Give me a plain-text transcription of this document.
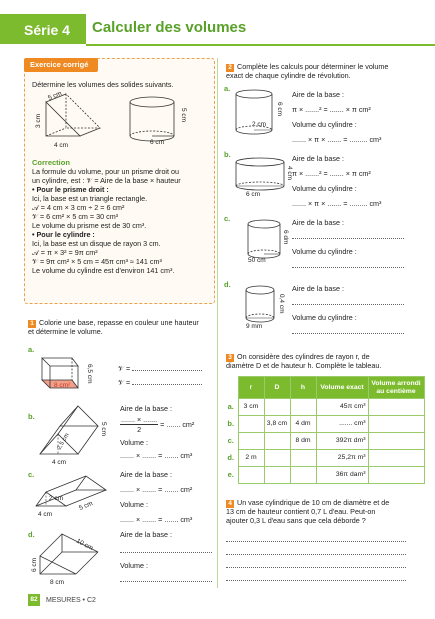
Série 4	Calculer des volumes
Exercice corrigé
Détermine les volumes des solides suivants.
5 cm
3 cm
4 cm
5 cm
6 cm
Correction
La formule du volume, pour un prisme droit ou
un cylindre, est : 𝒱 = Aire de la base × hauteur
• Pour le prisme droit :
Ici, la base est un triangle rectangle.
𝒜 = 4 cm × 3 cm ÷ 2 = 6 cm²
𝒱 = 6 cm² × 5 cm = 30 cm³
Le volume du prisme est de 30 cm³.
• Pour le cylindre :
Ici, la base est un disque de rayon 3 cm.
𝒜 = π × 3² = 9π cm²
𝒱 = 9π cm² × 5 cm = 45π cm³ ≈ 141 cm³
Le volume du cylindre est d'environ 141 cm³.
1 Colorie une base, repasse en couleur une hauteur
et détermine le volume.
a.
6,5 cm
8 cm²
𝒱 =
𝒱 =
b.
5 cm
4 cm
2,5 cm
Aire de la base :
....... × .......
2
= ....... cm²
Volume :
....... × ....... = ....... cm³
c.
2 cm
4 cm
5 cm
Aire de la base :
....... × ....... = ....... cm²
Volume :
....... × ....... = ....... cm³
d.
10 cm
6 cm
8 cm
Aire de la base :
Volume :
2 Complète les calculs pour déterminer le volume
exact de chaque cylindre de révolution.
a.
6 cm
2 cm
Aire de la base :
π × .......² = ....... × π cm²
Volume du cylindre :
....... × π × ....... = ......... cm³
b.
4 cm
6 cm
Aire de la base :
π × .......² = ....... × π cm²
Volume du cylindre :
....... × π × ....... = ......... cm³
c.
6 dm
50 cm
Aire de la base :
Volume du cylindre :
d.
0,4 cm
9 mm
Aire de la base :
Volume du cylindre :
3 On considère des cylindres de rayon r, de
diamètre D et de hauteur h. Complète le tableau.
	r	D	h	Volume exact	Volume arrondi au centième
a.	3 cm			45π cm³	
b.		3,8 cm	4 dm	....... cm³	
c.			8 dm	392π dm³	
d.	2 m			25,2π m³	
e.				36π dam³	
4 Un vase cylindrique de 10 cm de diamètre et de
13 cm de hauteur contient 0,7 L d'eau. Peut-on
ajouter 0,3 L d'eau sans que cela déborde ?
82	MESURES • C2
